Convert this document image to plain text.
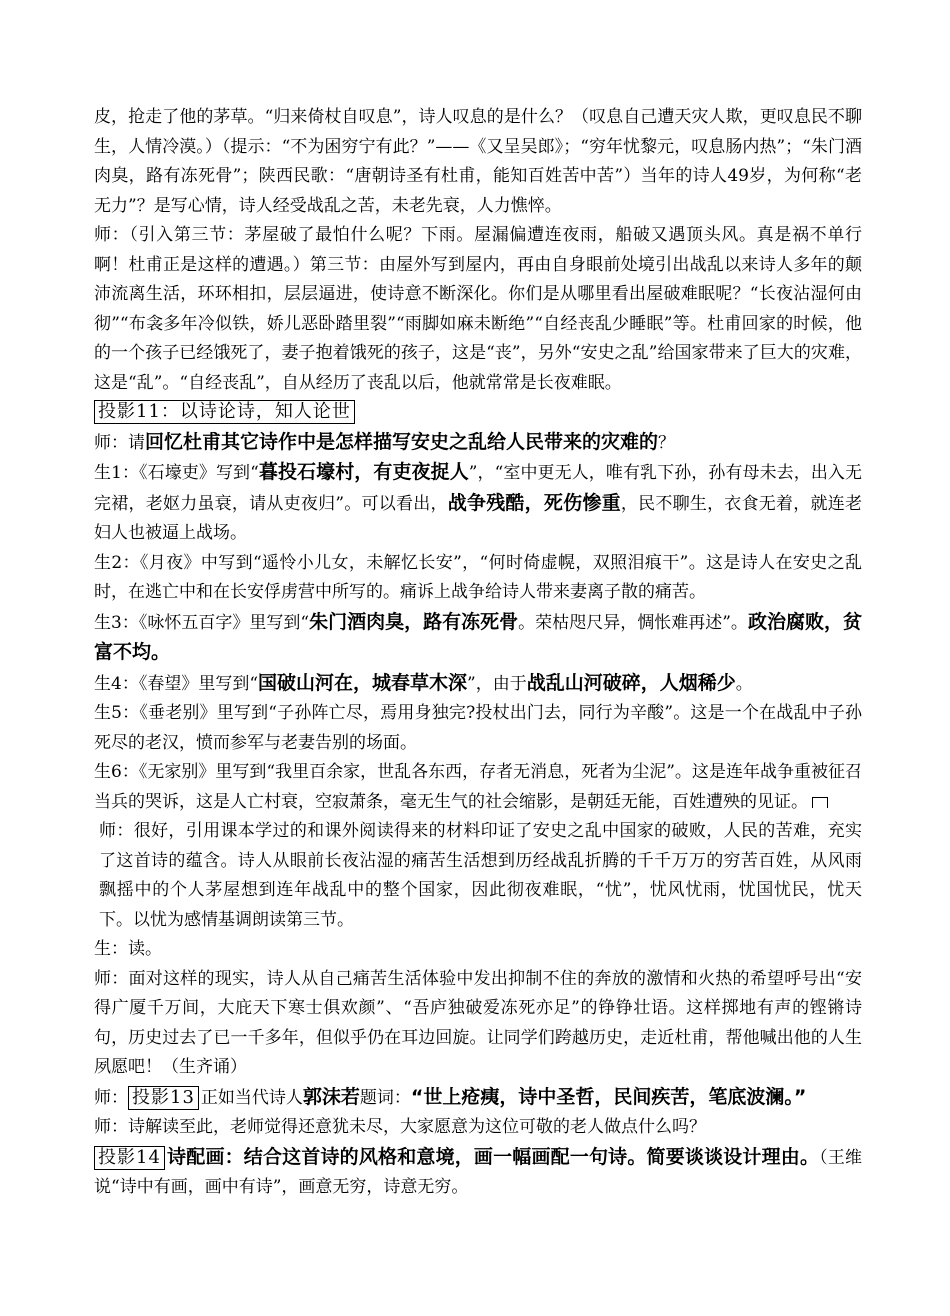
皮，抢走了他的茅草。“归来倚杖自叹息”，诗人叹息的是什么？（叹息自己遭天灾人欺，更叹息民不聊生，人情冷漠。）（提示：“不为困穷宁有此？”——《又呈吴郎》；“穷年忧黎元，叹息肠内热”；“朱门酒肉臭，路有冻死骨”；陕西民歌：“唐朝诗圣有杜甫，能知百姓苦中苦”）当年的诗人49岁，为何称“老无力”？是写心情，诗人经受战乱之苦，未老先衰，人力憔悴。

师：（引入第三节：茅屋破了最怕什么呢？下雨。屋漏偏遭连夜雨，船破又遇顶头风。真是祸不单行啊！杜甫正是这样的遭遇。）第三节：由屋外写到屋内，再由自身眼前处境引出战乱以来诗人多年的颠沛流离生活，环环相扣，层层逼进，使诗意不断深化。你们是从哪里看出屋破难眠呢？“长夜沾湿何由彻”“布衾多年冷似铁，娇儿恶卧踏里裂”“雨脚如麻未断绝”“自经丧乱少睡眠”等。杜甫回家的时候，他的一个孩子已经饿死了，妻子抱着饿死的孩子，这是“丧”，另外“安史之乱”给国家带来了巨大的灾难，这是“乱”。“自经丧乱”，自从经历了丧乱以后，他就常常是长夜难眠。

投影11：以诗论诗，知人论世

师：请回忆杜甫其它诗作中是怎样描写安史之乱给人民带来的灾难的？

生1：《石壕吏》写到“暮投石壕村，有吏夜捉人”，“室中更无人，唯有乳下孙，孙有母未去，出入无完裙，老妪力虽衰，请从吏夜归”。可以看出，战争残酷，死伤惨重，民不聊生，衣食无着，就连老妇人也被逼上战场。

生2：《月夜》中写到“遥怜小儿女，未解忆长安”，“何时倚虚幌，双照泪痕干”。这是诗人在安史之乱时，在逃亡中和在长安俘虏营中所写的。痛诉上战争给诗人带来妻离子散的痛苦。

生3：《咏怀五百字》里写到“朱门酒肉臭，路有冻死骨。荣枯咫尺异，惆怅难再述”。政治腐败，贫富不均。

生4：《春望》里写到“国破山河在，城春草木深”，由于战乱山河破碎，人烟稀少。

生5：《垂老别》里写到“子孙阵亡尽，焉用身独完?投杖出门去，同行为辛酸”。这是一个在战乱中子孙死尽的老汉，愤而参军与老妻告别的场面。

生6：《无家别》里写到“我里百余家，世乱各东西，存者无消息，死者为尘泥”。这是连年战争重被征召当兵的哭诉，这是人亡村衰，空寂萧条，毫无生气的社会缩影，是朝廷无能，百姓遭殃的见证。

师：很好，引用课本学过的和课外阅读得来的材料印证了安史之乱中国家的破败，人民的苦难，充实了这首诗的蕴含。诗人从眼前长夜沾湿的痛苦生活想到历经战乱折腾的千千万万的穷苦百姓，从风雨飘摇中的个人茅屋想到连年战乱中的整个国家，因此彻夜难眠，“忧”，忧风忧雨，忧国忧民，忧天下。以忧为感情基调朗读第三节。

生：读。

师：面对这样的现实，诗人从自己痛苦生活体验中发出抑制不住的奔放的激情和火热的希望呼号出“安得广厦千万间，大庇天下寒士俱欢颜”、“吾庐独破爱冻死亦足”的铮铮壮语。这样掷地有声的铿锵诗句，历史过去了已一千多年，但似乎仍在耳边回旋。让同学们跨越历史，走近杜甫，帮他喊出他的人生夙愿吧！（生齐诵）

师： 投影13 正如当代诗人郭沫若题词：“世上疮痍，诗中圣哲，民间疾苦，笔底波澜。”

师：诗解读至此，老师觉得还意犹未尽，大家愿意为这位可敬的老人做点什么吗？

投影14 诗配画：结合这首诗的风格和意境，画一幅画配一句诗。简要谈谈设计理由。（王维说“诗中有画，画中有诗”，画意无穷，诗意无穷。
